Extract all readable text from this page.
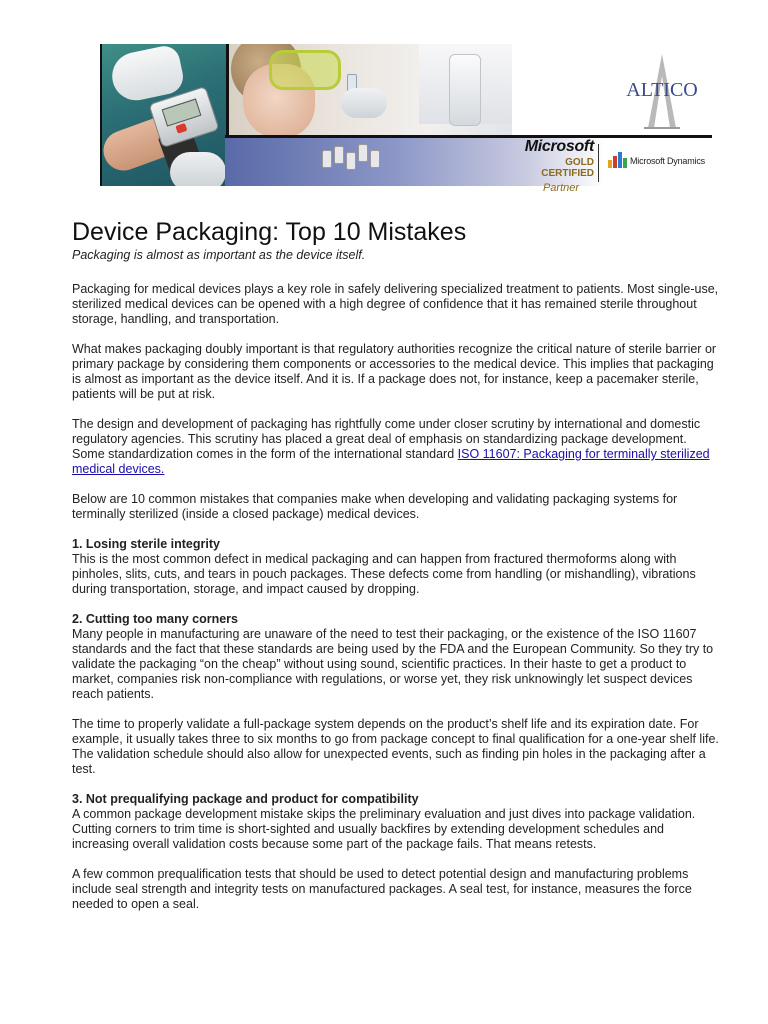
ALTICO
Microsoft
GOLD CERTIFIED
Partner
Microsoft Dynamics
Device Packaging: Top 10 Mistakes
Packaging is almost as important as the device itself.

Packaging for medical devices plays a key role in safely delivering specialized treatment to patients. Most single-use, sterilized medical devices can be opened with a high degree of confidence that it has remained sterile throughout storage, handling, and transportation.

What makes packaging doubly important is that regulatory authorities recognize the critical nature of sterile barrier or primary package by considering them components or accessories to the medical device. This implies that packaging is almost as important as the device itself. And it is. If a package does not, for instance, keep a pacemaker sterile, patients will be put at risk.

The design and development of packaging has rightfully come under closer scrutiny by international and domestic regulatory agencies. This scrutiny has placed a great deal of emphasis on standardizing package development. Some standardization comes in the form of the international standard ISO 11607: Packaging for terminally sterilized medical devices.

Below are 10 common mistakes that companies make when developing and validating packaging systems for terminally sterilized (inside a closed package) medical devices.

1. Losing sterile integrity

This is the most common defect in medical packaging and can happen from fractured thermoforms along with pinholes, slits, cuts, and tears in pouch packages. These defects come from handling (or mishandling), vibrations during transportation, storage, and impact caused by dropping.

2. Cutting too many corners

Many people in manufacturing are unaware of the need to test their packaging, or the existence of the ISO 11607 standards and the fact that these standards are being used by the FDA and the European Community. So they try to validate the packaging “on the cheap” without using sound, scientific practices. In their haste to get a product to market, companies risk non-compliance with regulations, or worse yet, they risk unknowingly let suspect devices reach patients.

The time to properly validate a full-package system depends on the product’s shelf life and its expiration date. For example, it usually takes three to six months to go from package concept to final qualification for a one-year shelf life. The validation schedule should also allow for unexpected events, such as finding pin holes in the packaging after a test.

3. Not prequalifying package and product for compatibility

A common package development mistake skips the preliminary evaluation and just dives into package validation. Cutting corners to trim time is short-sighted and usually backfires by extending development schedules and increasing overall validation costs because some part of the package fails. That means retests.

A few common prequalification tests that should be used to detect potential design and manufacturing problems include seal strength and integrity tests on manufactured packages. A seal test, for instance, measures the force needed to open a seal.
